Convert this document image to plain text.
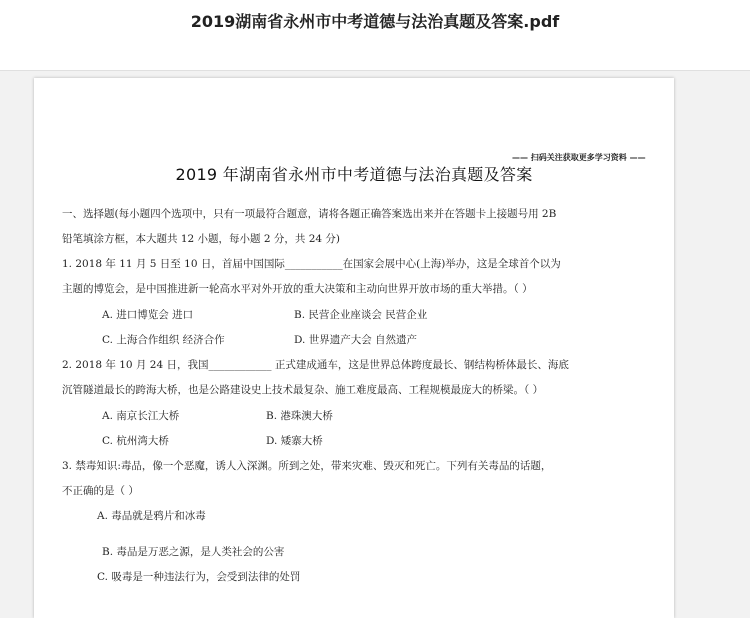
2019湖南省永州市中考道德与法治真题及答案.pdf
—— 扫码关注获取更多学习资料 ——
2019 年湖南省永州市中考道德与法治真题及答案
一、选择题(每小题四个选项中，只有一项最符合题意，请将各题正确答案选出来并在答题卡上接题号用 2B
铅笔填涂方框，本大题共 12 小题，每小题 2 分，共 24 分)
1. 2018 年 11 月 5 日至 10 日，首届中国国际___________在国家会展中心(上海)举办，这是全球首个以为
主题的博览会，是中国推进新一轮高水平对外开放的重大决策和主动向世界开放市场的重大举措。（ ）
A. 进口博览会 进口	B. 民营企业座谈会 民营企业
C. 上海合作组织 经济合作	D. 世界遗产大会 自然遗产
2. 2018 年 10 月 24 日，我国____________ 正式建成通车，这是世界总体跨度最长、钢结构桥体最长、海底
沉管隧道最长的跨海大桥，也是公路建设史上技术最复杂、施工难度最高、工程规模最庞大的桥梁。（ ）
A. 南京长江大桥	B. 港珠澳大桥
C. 杭州湾大桥	D. 矮寨大桥
3. 禁毒知识:毒品，像一个恶魔，诱人入深渊。所到之处，带来灾难、毁灭和死亡。下列有关毒品的话题，
不正确的是（ ）
A. 毒品就是鸦片和冰毒
B. 毒品是万恶之源，是人类社会的公害
C. 吸毒是一种违法行为，会受到法律的处罚
